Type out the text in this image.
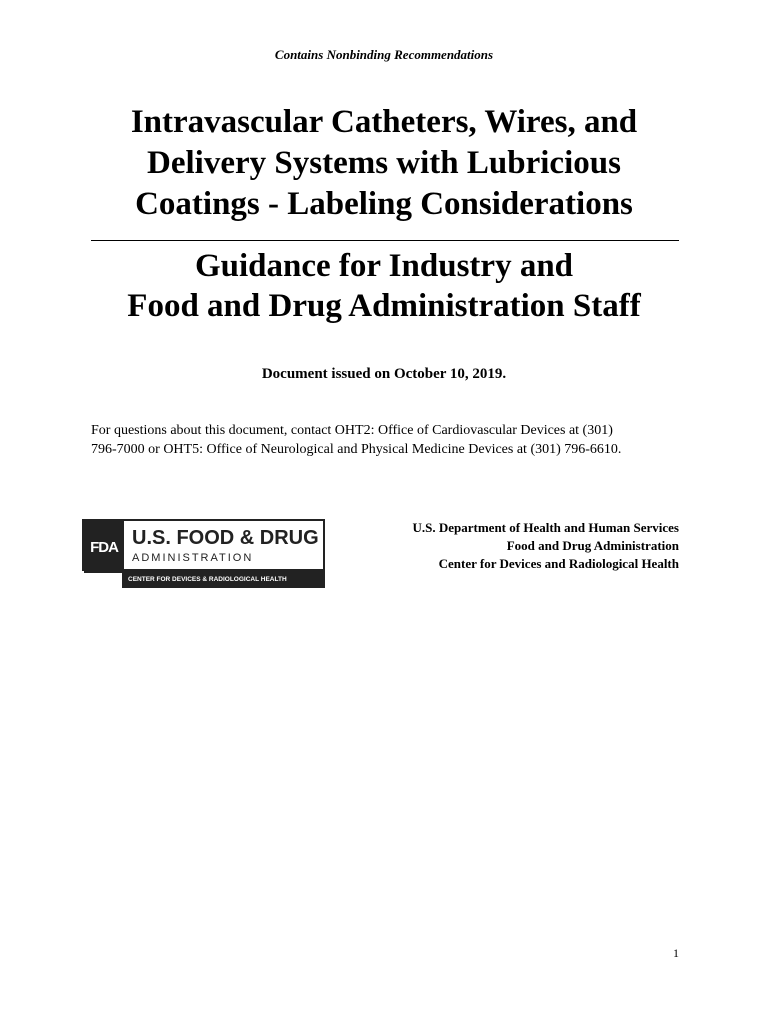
Contains Nonbinding Recommendations
Intravascular Catheters, Wires, and
Delivery Systems with Lubricious
Coatings - Labeling Considerations
Guidance for Industry and
Food and Drug Administration Staff
Document issued on October 10, 2019.
For questions about this document, contact OHT2: Office of Cardiovascular Devices at (301)
796-7000 or OHT5: Office of Neurological and Physical Medicine Devices at (301) 796-6610.
FDA U.S. FOOD & DRUG
ADMINISTRATION
CENTER FOR DEVICES & RADIOLOGICAL HEALTH
U.S. Department of Health and Human Services
Food and Drug Administration
Center for Devices and Radiological Health
1
